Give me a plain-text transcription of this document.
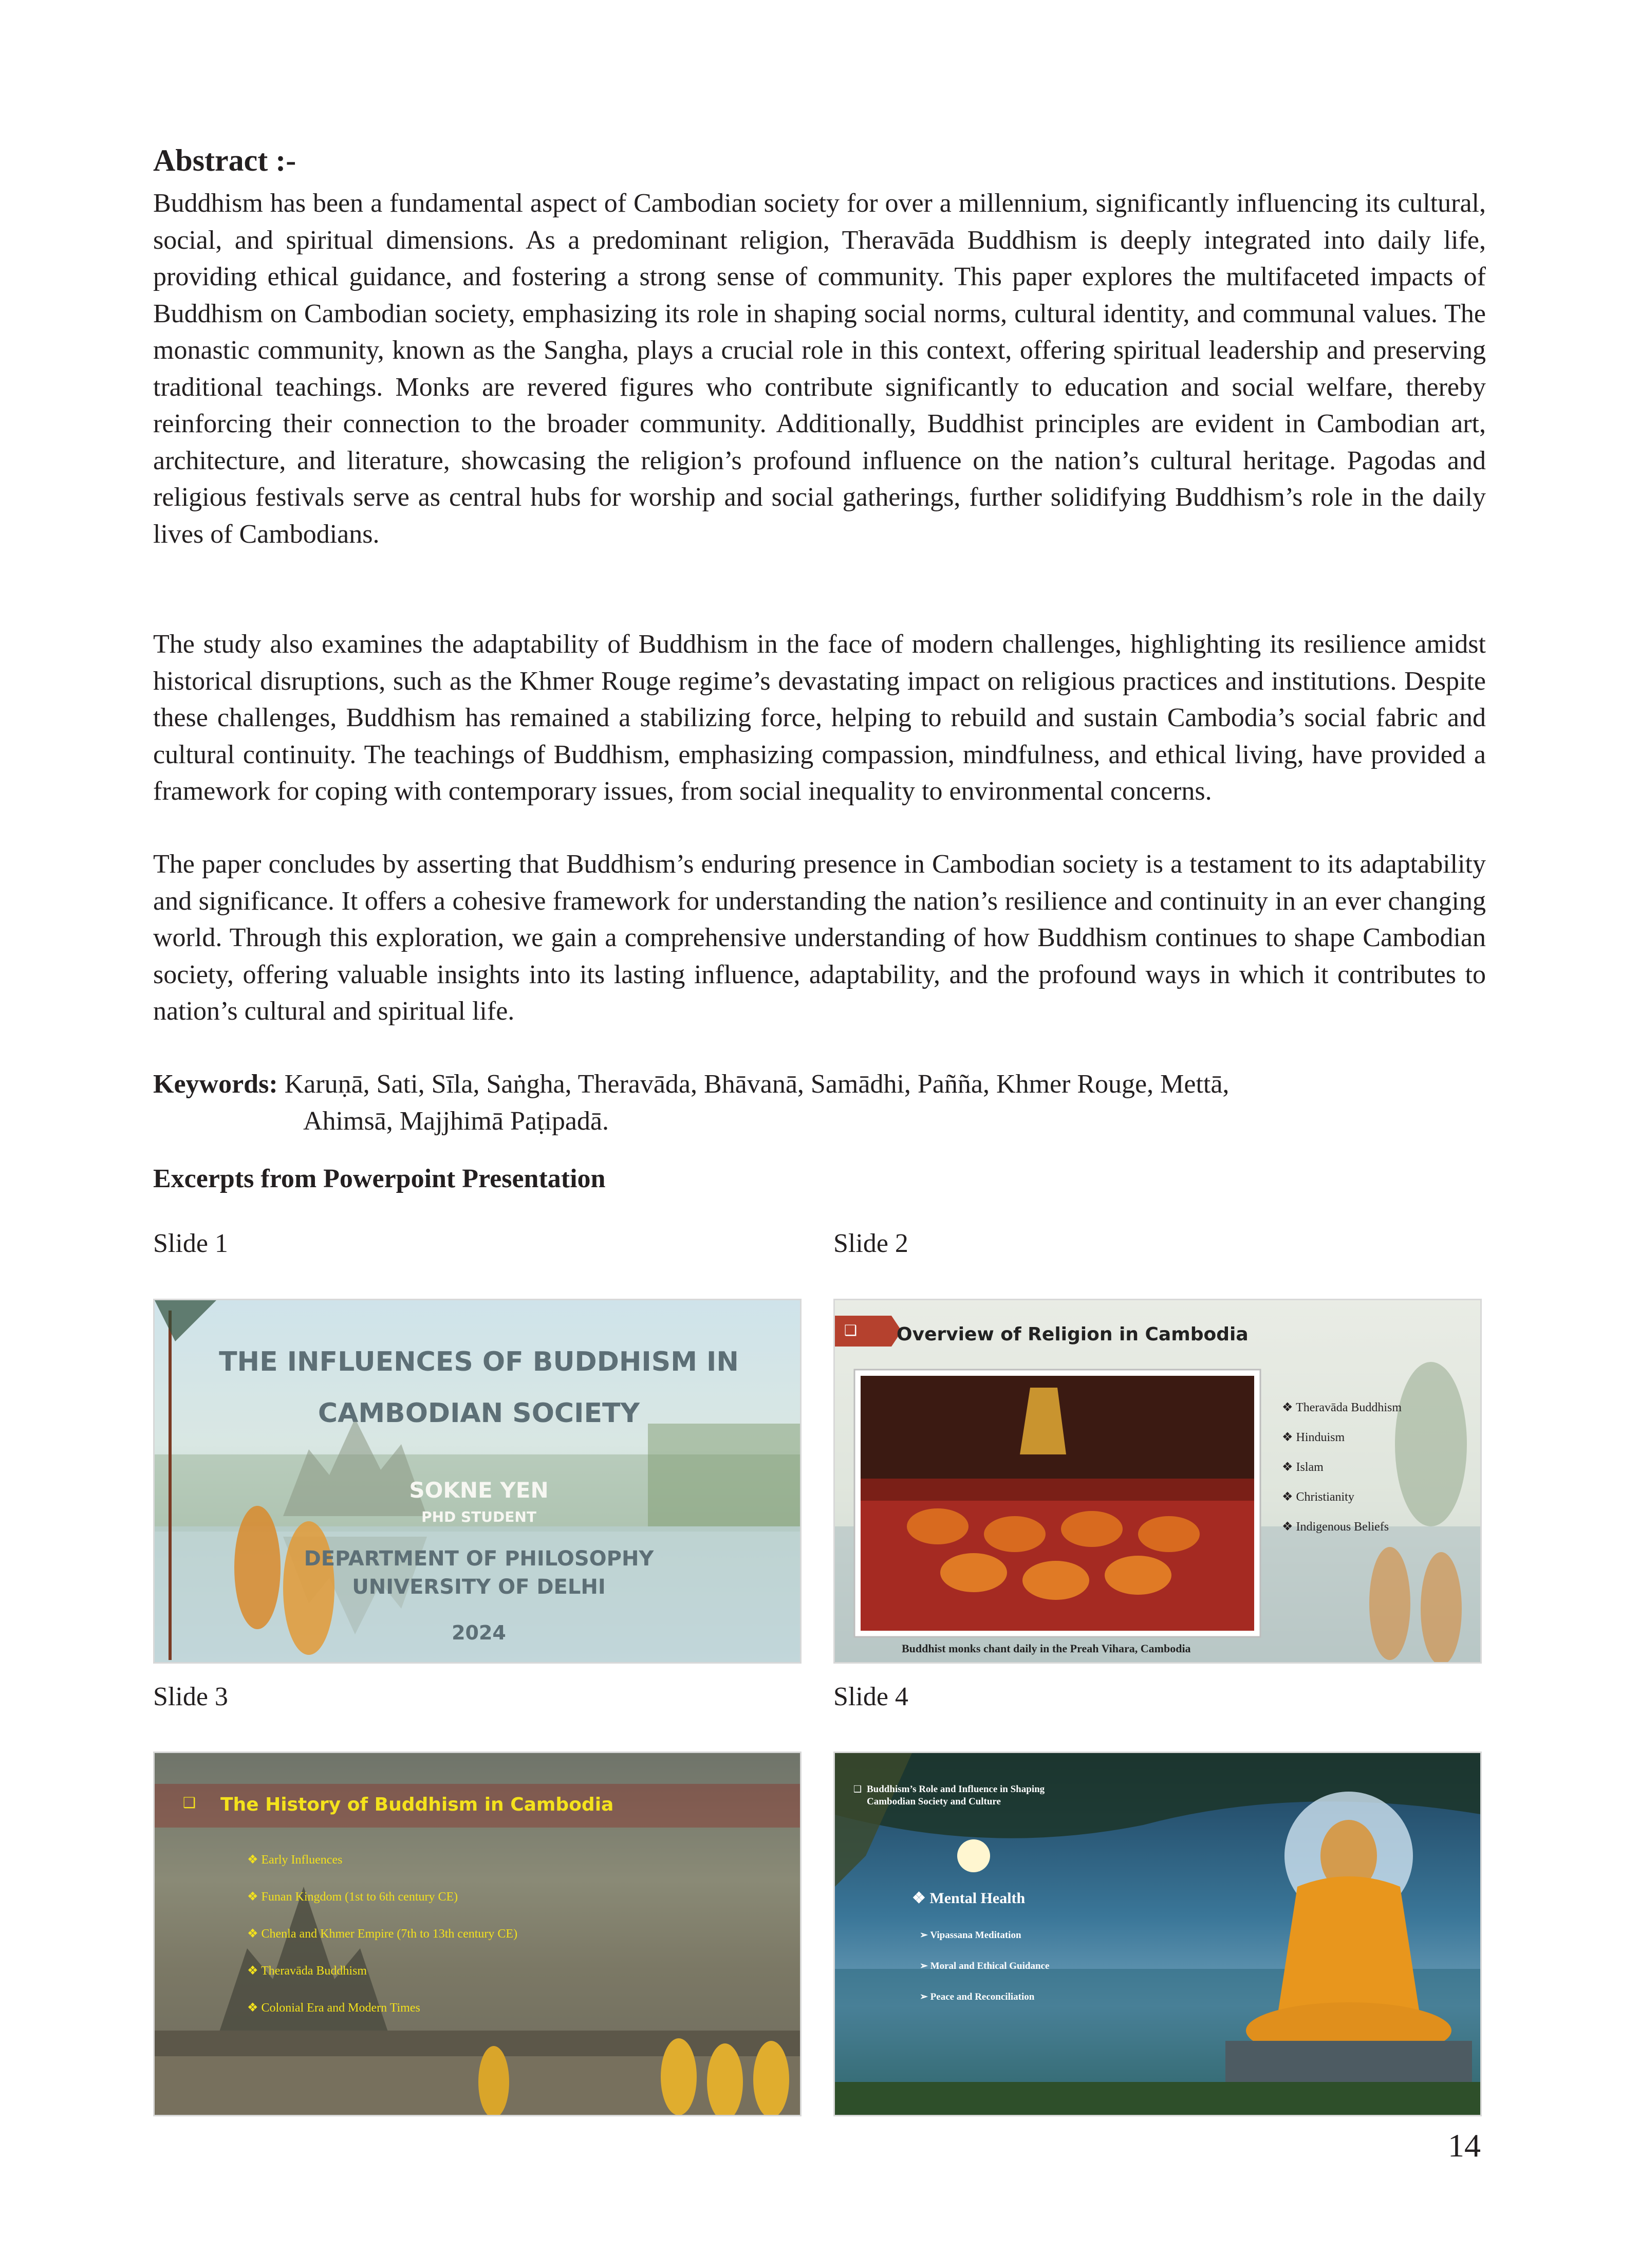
Abstract :-

Buddhism has been a fundamental aspect of Cambodian society for over a millennium, significantly influencing its cultural, social, and spiritual dimensions. As a predominant religion, Theravāda Buddhism is deeply integrated into daily life, providing ethical guidance, and fostering a strong sense of community. This paper explores the multifaceted impacts of Buddhism on Cambodian society, emphasizing its role in shaping social norms, cultural identity, and communal values. The monastic community, known as the Sangha, plays a crucial role in this context, offering spiritual leadership and preserving traditional teachings. Monks are revered figures who contribute significantly to education and social welfare, thereby reinforcing their connection to the broader community. Additionally, Buddhist principles are evident in Cambodian art, architecture, and literature, showcasing the religion’s profound influence on the nation’s cultural heritage. Pagodas and religious festivals serve as central hubs for worship and social gatherings, further solidifying Buddhism’s role in the daily lives of Cambodians.

The study also examines the adaptability of Buddhism in the face of modern challenges, highlighting its resilience amidst historical disruptions, such as the Khmer Rouge regime’s devastating impact on religious practices and institutions. Despite these challenges, Buddhism has remained a stabilizing force, helping to rebuild and sustain Cambodia’s social fabric and cultural continuity. The teachings of Buddhism, emphasizing compassion, mindfulness, and ethical living, have provided a framework for coping with contemporary issues, from social inequality to environmental concerns.

The paper concludes by asserting that Buddhism’s enduring presence in Cambodian society is a testament to its adaptability and significance. It offers a cohesive framework for understanding the nation’s resilience and continuity in an ever changing world. Through this exploration, we gain a comprehensive understanding of how Buddhism continues to shape Cambodian society, offering valuable insights into its lasting influence, adaptability, and the profound ways in which it contributes to nation’s cultural and spiritual life.

Keywords: Karuṇā, Sati, Sīla, Saṅgha, Theravāda, Bhāvanā, Samādhi, Pañña, Khmer Rouge, Mettā,
Ahimsā, Majjhimā Paṭipadā.

Excerpts from Powerpoint Presentation

Slide 1	Slide 2

Slide 3	Slide 4

THE INFLUENCES OF BUDDHISM IN

CAMBODIAN SOCIETY

SOKNE YEN

PHD STUDENT

DEPARTMENT OF PHILOSOPHY

UNIVERSITY OF DELHI

2024

❑ Overview of Religion in Cambodia

❖ Theravāda Buddhism

❖ Hinduism

❖ Islam

❖ Christianity

❖ Indigenous Beliefs

Buddhist monks chant daily in the Preah Vihara, Cambodia

❑ The History of Buddhism in Cambodia

❖ Early Influences

❖ Funan Kingdom (1st to 6th century CE)

❖ Chenla and Khmer Empire (7th to 13th century CE)

❖ Theravāda Buddhism

❖ Colonial Era and Modern Times

❑ Buddhism’s Role and Influence in Shaping

Cambodian Society and Culture

❖ Mental Health

➢ Vipassana Meditation

➢ Moral and Ethical Guidance

➢ Peace and Reconciliation

14
